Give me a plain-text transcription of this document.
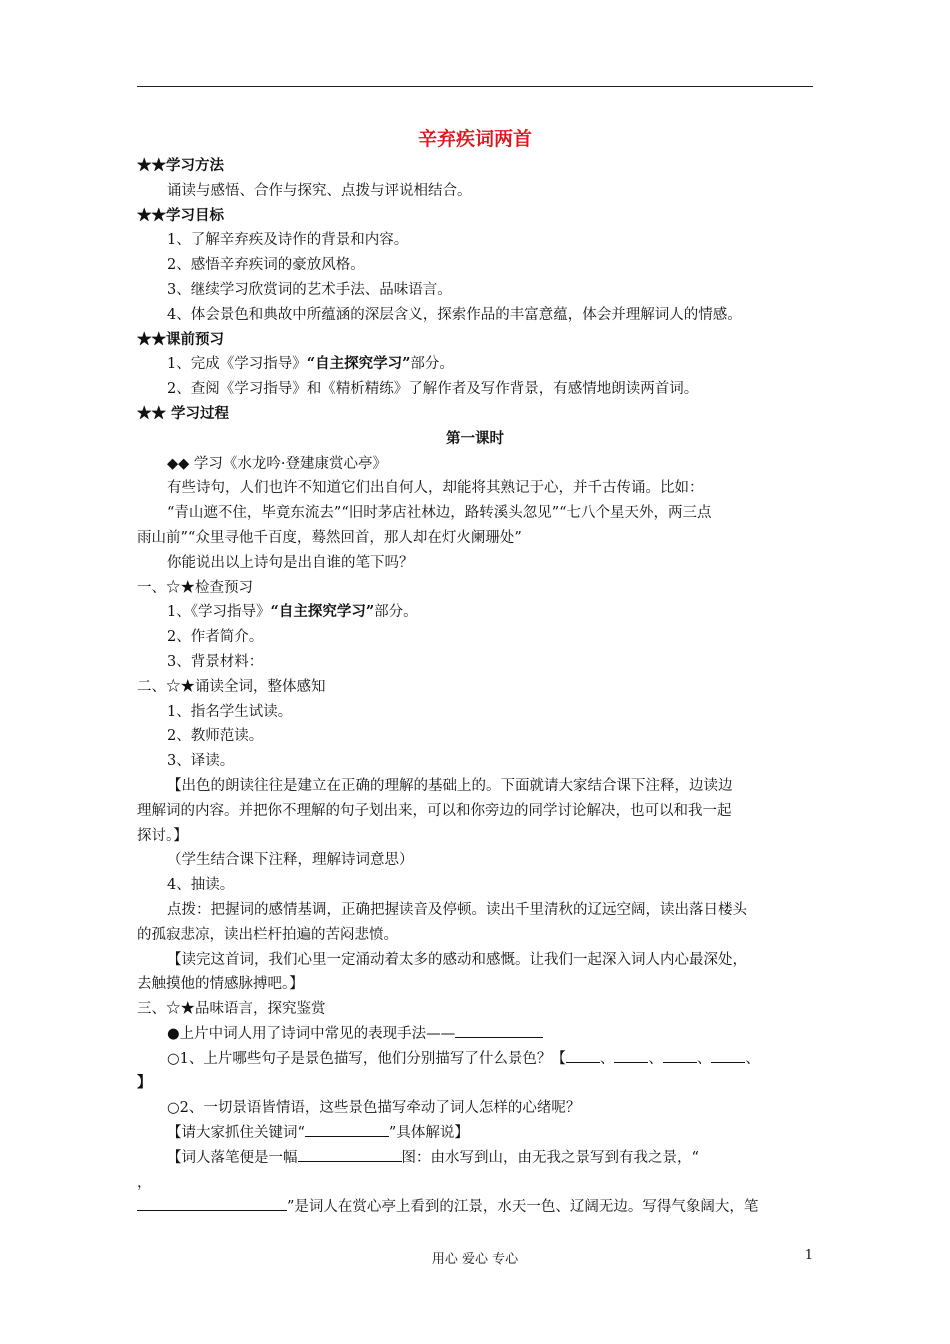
辛弃疾词两首
★★学习方法
诵读与感悟、合作与探究、点拨与评说相结合。
★★学习目标
1、了解辛弃疾及诗作的背景和内容。
2、感悟辛弃疾词的豪放风格。
3、继续学习欣赏词的艺术手法、品味语言。
4、体会景色和典故中所蕴涵的深层含义，探索作品的丰富意蕴，体会并理解词人的情感。
★★课前预习
1、完成《学习指导》“自主探究学习”部分。
2、查阅《学习指导》和《精析精练》了解作者及写作背景，有感情地朗读两首词。
★★ 学习过程
第一课时
◆◆ 学习《水龙吟·登建康赏心亭》
有些诗句，人们也许不知道它们出自何人，却能将其熟记于心，并千古传诵。比如：
“青山遮不住，毕竟东流去”“旧时茅店社林边，路转溪头忽见”“七八个星天外，两三点
雨山前”“众里寻他千百度，蓦然回首，那人却在灯火阑珊处”
你能说出以上诗句是出自谁的笔下吗？
一、☆★检查预习
1、《学习指导》“自主探究学习”部分。
2、作者简介。
3、背景材料：
二、☆★诵读全词，整体感知
1、指名学生试读。
2、教师范读。
3、译读。
【出色的朗读往往是建立在正确的理解的基础上的。下面就请大家结合课下注释，边读边
理解词的内容。并把你不理解的句子划出来，可以和你旁边的同学讨论解决，也可以和我一起
探讨。】
（学生结合课下注释，理解诗词意思）
4、抽读。
点拨：把握词的感情基调，正确把握读音及停顿。读出千里清秋的辽远空阔，读出落日楼头
的孤寂悲凉，读出栏杆拍遍的苦闷悲愤。
【读完这首词，我们心里一定涌动着太多的感动和感慨。让我们一起深入词人内心最深处，
去触摸他的情感脉搏吧。】
三、☆★品味语言，探究鉴赏
●上片中词人用了诗词中常见的表现手法——
○1、上片哪些句子是景色描写，他们分别描写了什么景色？【 、 、 、 、
】
○2、一切景语皆情语，这些景色描写牵动了词人怎样的心绪呢？
【请大家抓住关键词“	”具体解说】
【词人落笔便是一幅	图：由水写到山，由无我之景写到有我之景，“
，
”是词人在赏心亭上看到的江景，水天一色、辽阔无边。写得气象阔大，笔
用心 爱心 专心	1
